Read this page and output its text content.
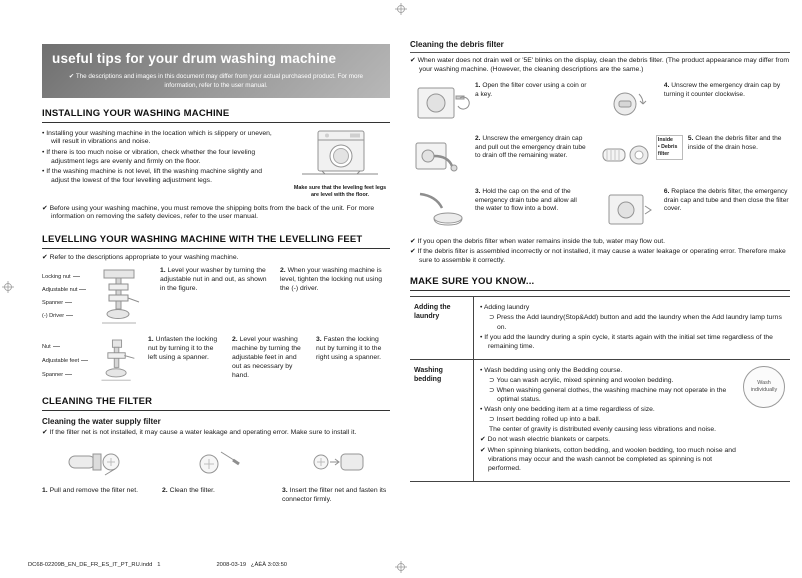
useful tips for your drum washing machine
✔ The descriptions and images in this document may differ from your actual purchased product. For more information, refer to the user manual.
INSTALLING YOUR WASHING MACHINE
Make sure that the leveling feet legs are level with the floor.
• Installing your washing machine in the location which is slippery or uneven, will result in vibrations and noise.
• If there is too much noise or vibration, check whether the four leveling adjustment legs are evenly and firmly on the floor.
• If the washing machine is not level, lift the washing machine slightly and adjust the lowest of the four levelling adjustment legs.
✔ Before using your washing machine, you must remove the shipping bolts from the back of the unit. For more information on removing the safety devices, refer to the user manual.
LEVELLING YOUR WASHING MACHINE WITH THE LEVELLING FEET
✔ Refer to the descriptions appropriate to your washing machine.
Locking nut
Adjustable nut
Spanner
(-) Driver
1. Level your washer by turning the adjustable nut in and out, as shown in the figure.
2. When your washing machine is level, tighten the locking nut using the (-) driver.
Nut
Adjustable feet
Spanner
1. Unfasten the locking nut by turning it to the left using a spanner.
2. Level your washing machine by turning the adjustable feet in and out as necessary by hand.
3. Fasten the locking nut by turning it to the right using a spanner.
CLEANING THE FILTER
Cleaning the water supply filter
✔ If the filter net is not installed, it may cause a water leakage and operating error. Make sure to install it.
1. Pull and remove the filter net.	2. Clean the filter.	3. Insert the filter net and fasten its connector firmly.
Cleaning the debris filter
✔ When water does not drain well or '5E' blinks on the display, clean the debris filter. (The product appearance may differ from your washing machine. (However, the cleaning descriptions are the same.)
1. Open the filter cover using a coin or a key.
4. Unscrew the emergency drain cap by turning it counter clockwise.
2. Unscrew the emergency drain cap and pull out the emergency drain tube to drain off the remaining water.
Inside
• Debris filter
5. Clean the debris filter and the inside of the drain hose.
3. Hold the cap on the end of the emergency drain tube and allow all the water to flow into a bowl.
6. Replace the debris filter, the emergency drain cap and tube and then close the filter cover.
✔ If you open the debris filter when water remains inside the tub, water may flow out.
✔ If the debris filter is assembled incorrectly or not installed, it may cause a water leakage or operating error. Therefore make sure to assemble it correctly.
MAKE SURE YOU KNOW...
Adding the laundry
• Adding laundry
⊃ Press the Add laundry(Stop&Add) button and add the laundry when the Add laundry lamp turns on.
• If you add the laundry during a spin cycle, it starts again with the initial set time regardless of the remaining time.
Washing bedding
Wash individually
• Wash bedding using only the Bedding course.
⊃ You can wash acrylic, mixed spinning and woolen bedding.
⊃ When washing general clothes, the washing machine may not operate in the optimal status.
• Wash only one bedding item at a time regardless of size.
⊃ Insert bedding rolled up into a ball.
The center of gravity is distributed evenly causing less vibrations and noise.
✔ Do not wash electric blankets or carpets.
✔ When spinning blankets, cotton bedding, and woolen bedding, too much noise and vibrations may occur and the wash cannot be completed as spinning is not performed.
DC68-02209B_EN_DE_FR_ES_IT_PT_RU.indd   1	2008-03-19   ¿ÀÈÄ 3:03:50
